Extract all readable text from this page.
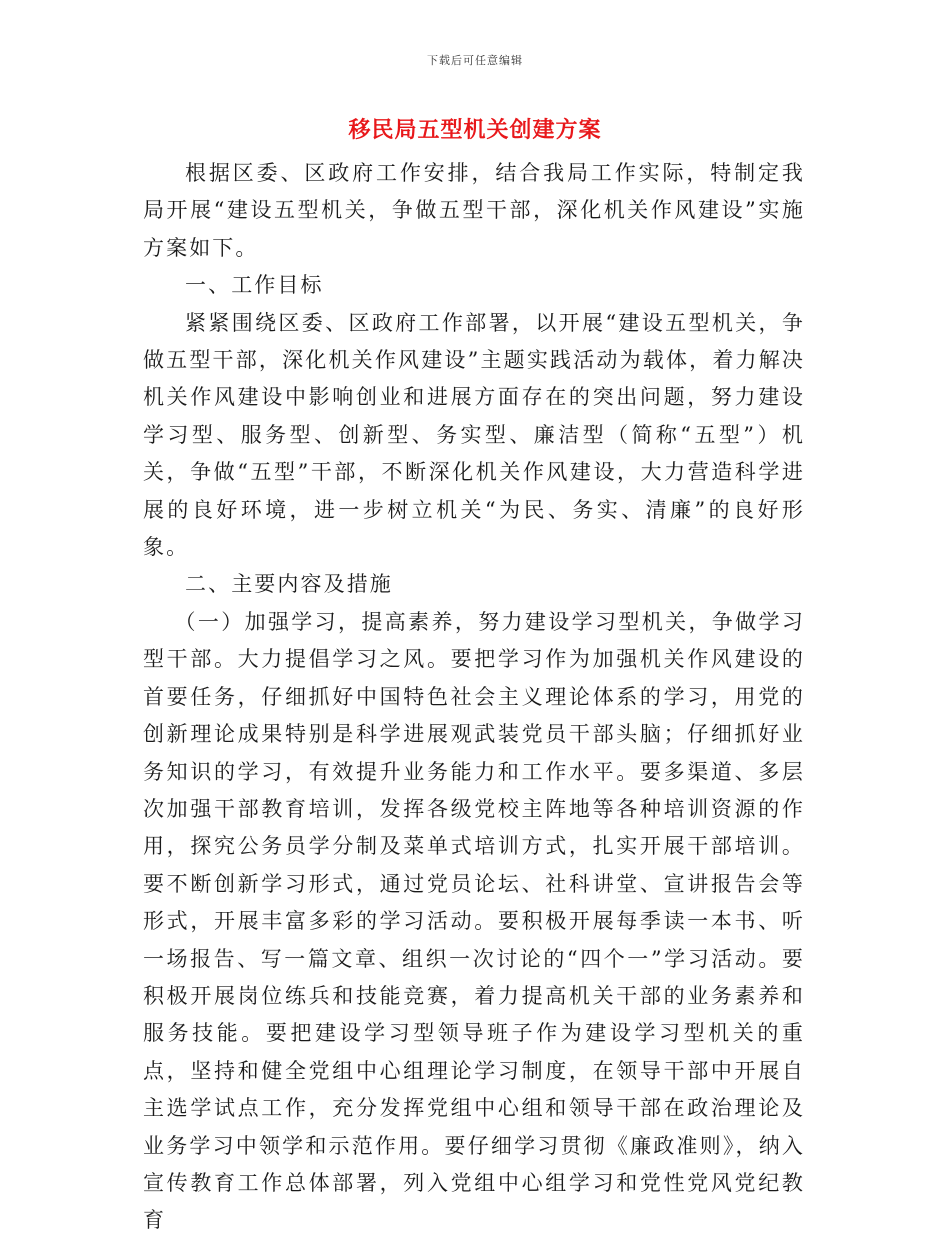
下载后可任意编辑
移民局五型机关创建方案

根据区委、区政府工作安排，结合我局工作实际，特制定我局开展“建设五型机关，争做五型干部，深化机关作风建设”实施方案如下。

一、工作目标

紧紧围绕区委、区政府工作部署，以开展“建设五型机关，争做五型干部，深化机关作风建设”主题实践活动为载体，着力解决机关作风建设中影响创业和进展方面存在的突出问题，努力建设学习型、服务型、创新型、务实型、廉洁型（简称“五型”）机关，争做“五型”干部，不断深化机关作风建设，大力营造科学进展的良好环境，进一步树立机关“为民、务实、清廉”的良好形象。

二、主要内容及措施

（一）加强学习，提高素养，努力建设学习型机关，争做学习型干部。大力提倡学习之风。要把学习作为加强机关作风建设的首要任务，仔细抓好中国特色社会主义理论体系的学习，用党的创新理论成果特别是科学进展观武装党员干部头脑；仔细抓好业务知识的学习，有效提升业务能力和工作水平。要多渠道、多层次加强干部教育培训，发挥各级党校主阵地等各种培训资源的作用，探究公务员学分制及菜单式培训方式，扎实开展干部培训。要不断创新学习形式，通过党员论坛、社科讲堂、宣讲报告会等形式，开展丰富多彩的学习活动。要积极开展每季读一本书、听一场报告、写一篇文章、组织一次讨论的“四个一”学习活动。要积极开展岗位练兵和技能竞赛，着力提高机关干部的业务素养和服务技能。要把建设学习型领导班子作为建设学习型机关的重点，坚持和健全党组中心组理论学习制度，在领导干部中开展自主选学试点工作，充分发挥党组中心组和领导干部在政治理论及业务学习中领学和示范作用。要仔细学习贯彻《廉政准则》，纳入宣传教育工作总体部署，列入党组中心组学习和党性党风党纪教育
